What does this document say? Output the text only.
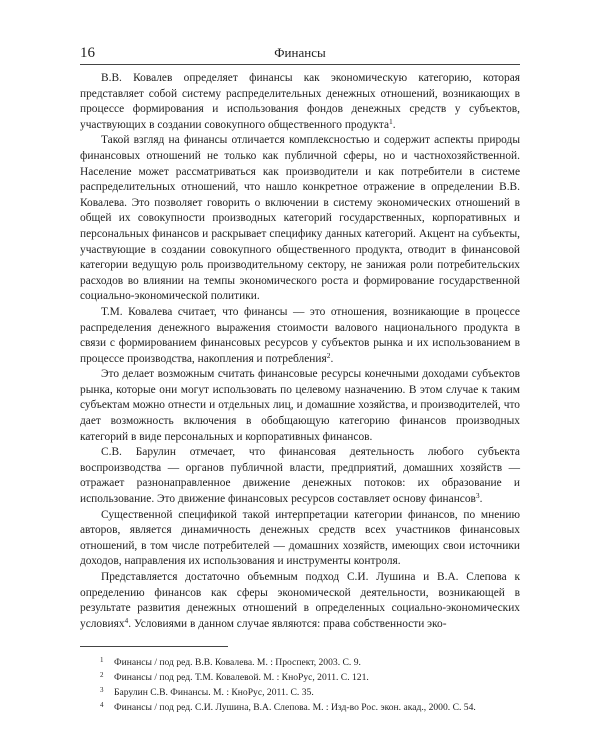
16	Финансы

В.В. Ковалев определяет финансы как экономическую категорию, которая представляет собой систему распределительных денежных отношений, возникающих в процессе формирования и использования фондов денежных средств у субъектов, участвующих в создании совокупного общественного продукта$^1$.

Такой взгляд на финансы отличается комплексностью и содержит аспекты природы финансовых отношений не только как публичной сферы, но и частнохозяйственной. Население может рассматриваться как производители и как потребители в системе распределительных отношений, что нашло конкретное отражение в определении В.В. Ковалева. Это позволяет говорить о включении в систему экономических отношений в общей их совокупности производных категорий государственных, корпоративных и персональных финансов и раскрывает специфику данных категорий. Акцент на субъекты, участвующие в создании совокупного общественного продукта, отводит в финансовой категории ведущую роль производительному сектору, не занижая роли потребительских расходов во влиянии на темпы экономического роста и формирование государственной социально-экономической политики.

Т.М. Ковалева считает, что финансы — это отношения, возникающие в процессе распределения денежного выражения стоимости валового национального продукта в связи с формированием финансовых ресурсов у субъектов рынка и их использованием в процессе производства, накопления и потребления$^2$.

Это делает возможным считать финансовые ресурсы конечными доходами субъектов рынка, которые они могут использовать по целевому назначению. В этом случае к таким субъектам можно отнести и отдельных лиц, и домашние хозяйства, и производителей, что дает возможность включения в обобщающую категорию финансов производных категорий в виде персональных и корпоративных финансов.

С.В. Барулин отмечает, что финансовая деятельность любого субъекта воспроизводства — органов публичной власти, предприятий, домашних хозяйств — отражает разнонаправленное движение денежных потоков: их образование и использование. Это движение финансовых ресурсов составляет основу финансов$^3$.

Существенной спецификой такой интерпретации категории финансов, по мнению авторов, является динамичность денежных средств всех участников финансовых отношений, в том числе потребителей — домашних хозяйств, имеющих свои источники доходов, направления их использования и инструменты контроля.

Представляется достаточно объемным подход С.И. Лушина и В.А. Слепова к определению финансов как сферы экономической деятельности, возникающей в результате развития денежных отношений в определенных социально-экономических условиях$^4$. Условиями в данном случае являются: права собственности эко-

1	Финансы / под ред. В.В. Ковалева. М. : Проспект, 2003. С. 9.
2	Финансы / под ред. Т.М. Ковалевой. М. : КноРус, 2011. С. 121.
3	Барулин С.В. Финансы. М. : КноРус, 2011. С. 35.
4	Финансы / под ред. С.И. Лушина, В.А. Слепова. М. : Изд-во Рос. экон. акад., 2000. С. 54.
